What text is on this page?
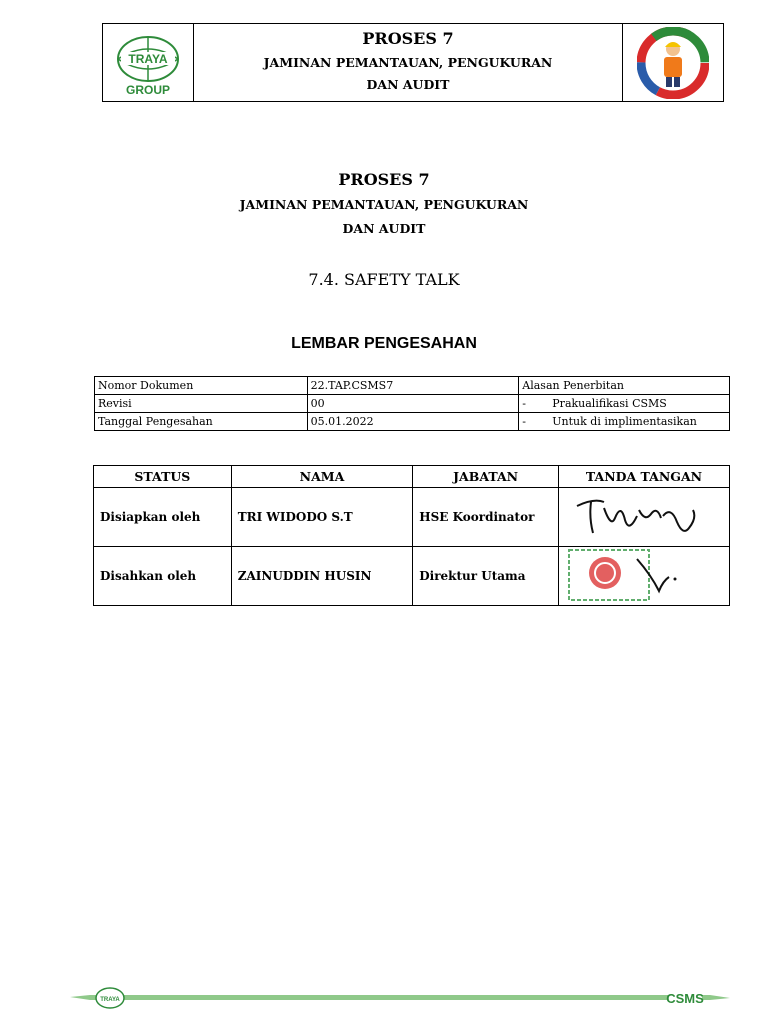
TRAYA
GROUP
PROSES 7
JAMINAN PEMANTAUAN, PENGUKURAN
DAN AUDIT
PROSES 7
JAMINAN PEMANTAUAN, PENGUKURAN
DAN AUDIT
7.4. SAFETY TALK
LEMBAR PENGESAHAN
Nomor Dokumen	22.TAP.CSMS7	Alasan Penerbitan
Revisi	00	- Prakualifikasi CSMS
Tanggal Pengesahan	05.01.2022	- Untuk di implimentasikan
STATUS	NAMA	JABATAN	TANDA TANGAN
Disiapkan oleh	TRI WIDODO S.T	HSE Koordinator	
Disahkan oleh	ZAINUDDIN HUSIN	Direktur Utama	
TRAYA	CSMS
